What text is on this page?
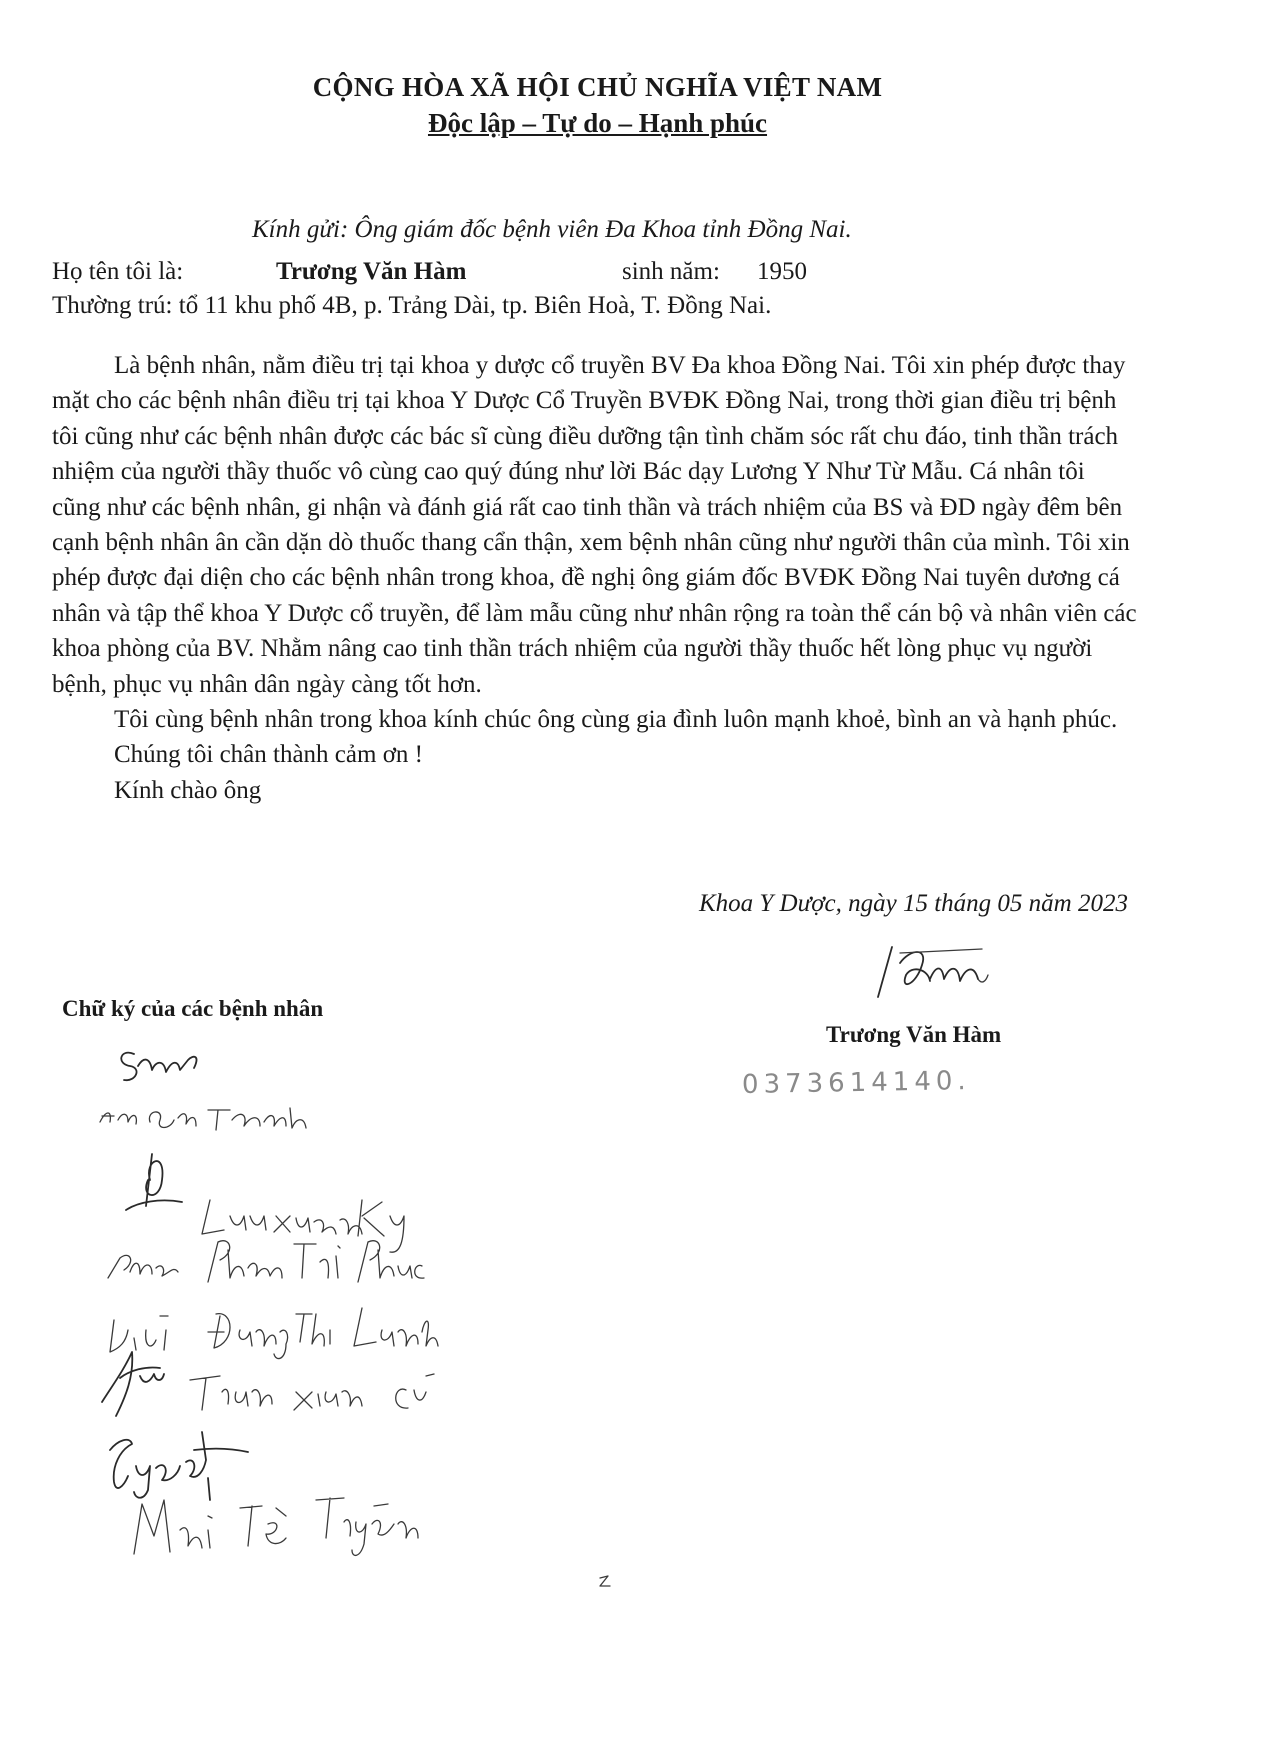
CỘNG HÒA XÃ HỘI CHỦ NGHĨA VIỆT NAM
Độc lập – Tự do – Hạnh phúc
Kính gửi: Ông giám đốc bệnh viên Đa Khoa tỉnh Đồng Nai.
Họ tên tôi là:	Trương Văn Hàm	sinh năm: 1950
Thường trú: tổ 11 khu phố 4B, p. Trảng Dài, tp. Biên Hoà, T. Đồng Nai.

Là bệnh nhân, nằm điều trị tại khoa y dược cổ truyền BV Đa khoa Đồng Nai. Tôi xin phép được thay mặt cho các bệnh nhân điều trị tại khoa Y Dược Cổ Truyền BVĐK Đồng Nai, trong thời gian điều trị bệnh tôi cũng như các bệnh nhân được các bác sĩ cùng điều dưỡng tận tình chăm sóc rất chu đáo, tinh thần trách nhiệm của người thầy thuốc vô cùng cao quý đúng như lời Bác dạy Lương Y Như Từ Mẫu. Cá nhân tôi cũng như các bệnh nhân, gi nhận và đánh giá rất cao tinh thần và trách nhiệm của BS và ĐD ngày đêm bên cạnh bệnh nhân ân cần dặn dò thuốc thang cẩn thận, xem bệnh nhân cũng như người thân của mình. Tôi xin phép được đại diện cho các bệnh nhân trong khoa, đề nghị ông giám đốc BVĐK Đồng Nai tuyên dương cá nhân và tập thể khoa Y Dược cổ truyền, để làm mẫu cũng như nhân rộng ra toàn thể cán bộ và nhân viên các khoa phòng của BV. Nhằm nâng cao tinh thần trách nhiệm của người thầy thuốc hết lòng phục vụ người bệnh, phục vụ nhân dân ngày càng tốt hơn.

Tôi cùng bệnh nhân trong khoa kính chúc ông cùng gia đình luôn mạnh khoẻ, bình an và hạnh phúc.

Chúng tôi chân thành cảm ơn !

Kính chào ông

Khoa Y Dược, ngày 15 tháng 05 năm 2023
Chữ ký của các bệnh nhân
Trương Văn Hàm
0373614140.
